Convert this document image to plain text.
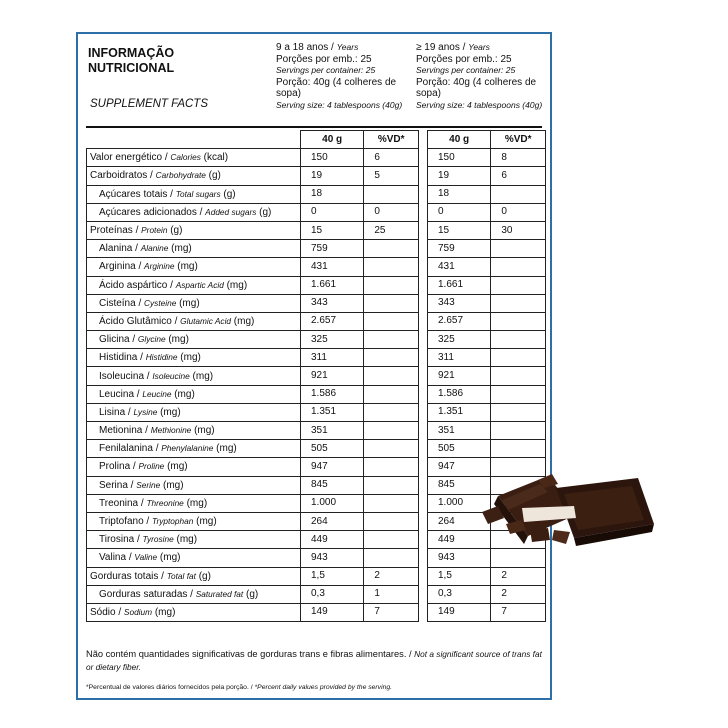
INFORMAÇÃO
NUTRICIONAL
SUPPLEMENT FACTS
9 a 18 anos / Years
Porções por emb.: 25
Servings per container: 25
Porção: 40g (4 colheres de sopa)
Serving size: 4 tablespoons (40g)
≥ 19 anos / Years
Porções por emb.: 25
Servings per container: 25
Porção: 40g (4 colheres de sopa)
Serving size: 4 tablespoons (40g)
	40 g	%VD*		40 g	%VD*
Valor energético / Calories (kcal)	150	6		150	8
Carboidratos / Carbohydrate (g)	19	5		19	6
Açúcares totais / Total sugars (g)	18			18	
Açúcares adicionados / Added sugars (g)	0	0		0	0
Proteínas / Protein (g)	15	25		15	30
Alanina / Alanine (mg)	759			759	
Arginina / Arginine (mg)	431			431	
Ácido aspártico / Aspartic Acid (mg)	1.661			1.661	
Cisteína / Cysteine (mg)	343			343	
Ácido Glutâmico / Glutamic Acid (mg)	2.657			2.657	
Glicina / Glycine (mg)	325			325	
Histidina / Histidine (mg)	311			311	
Isoleucina / Isoleucine (mg)	921			921	
Leucina / Leucine (mg)	1.586			1.586	
Lisina / Lysine (mg)	1.351			1.351	
Metionina / Methionine (mg)	351			351	
Fenilalanina / Phenylalanine (mg)	505			505	
Prolina / Proline (mg)	947			947	
Serina / Serine (mg)	845			845	
Treonina / Threonine (mg)	1.000			1.000	
Triptofano / Tryptophan (mg)	264			264	
Tirosina / Tyrosine (mg)	449			449	
Valina / Valine (mg)	943			943	
Gorduras totais / Total fat (g)	1,5	2		1,5	2
Gorduras saturadas / Saturated fat (g)	0,3	1		0,3	2
Sódio / Sodium (mg)	149	7		149	7
Não contém quantidades significativas de gorduras trans e fibras alimentares. / Not a significant source of trans fat or dietary fiber.
*Percentual de valores diários fornecidos pela porção. / *Percent daily values provided by the serving.
